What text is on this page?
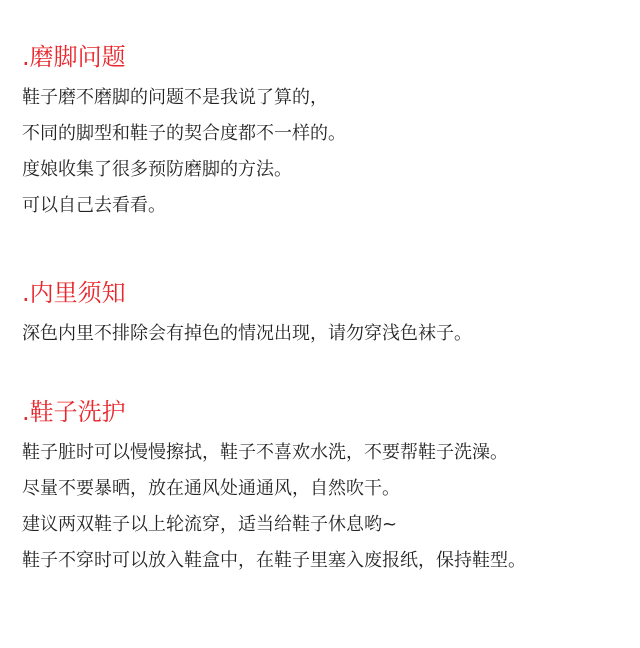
.磨脚问题
鞋子磨不磨脚的问题不是我说了算的，
不同的脚型和鞋子的契合度都不一样的。
度娘收集了很多预防磨脚的方法。
可以自己去看看。
.内里须知
深色内里不排除会有掉色的情况出现，请勿穿浅色袜子。
.鞋子洗护
鞋子脏时可以慢慢擦拭，鞋子不喜欢水洗，不要帮鞋子洗澡。
尽量不要暴晒，放在通风处通通风，自然吹干。
建议两双鞋子以上轮流穿，适当给鞋子休息哟~
鞋子不穿时可以放入鞋盒中，在鞋子里塞入废报纸，保持鞋型。
